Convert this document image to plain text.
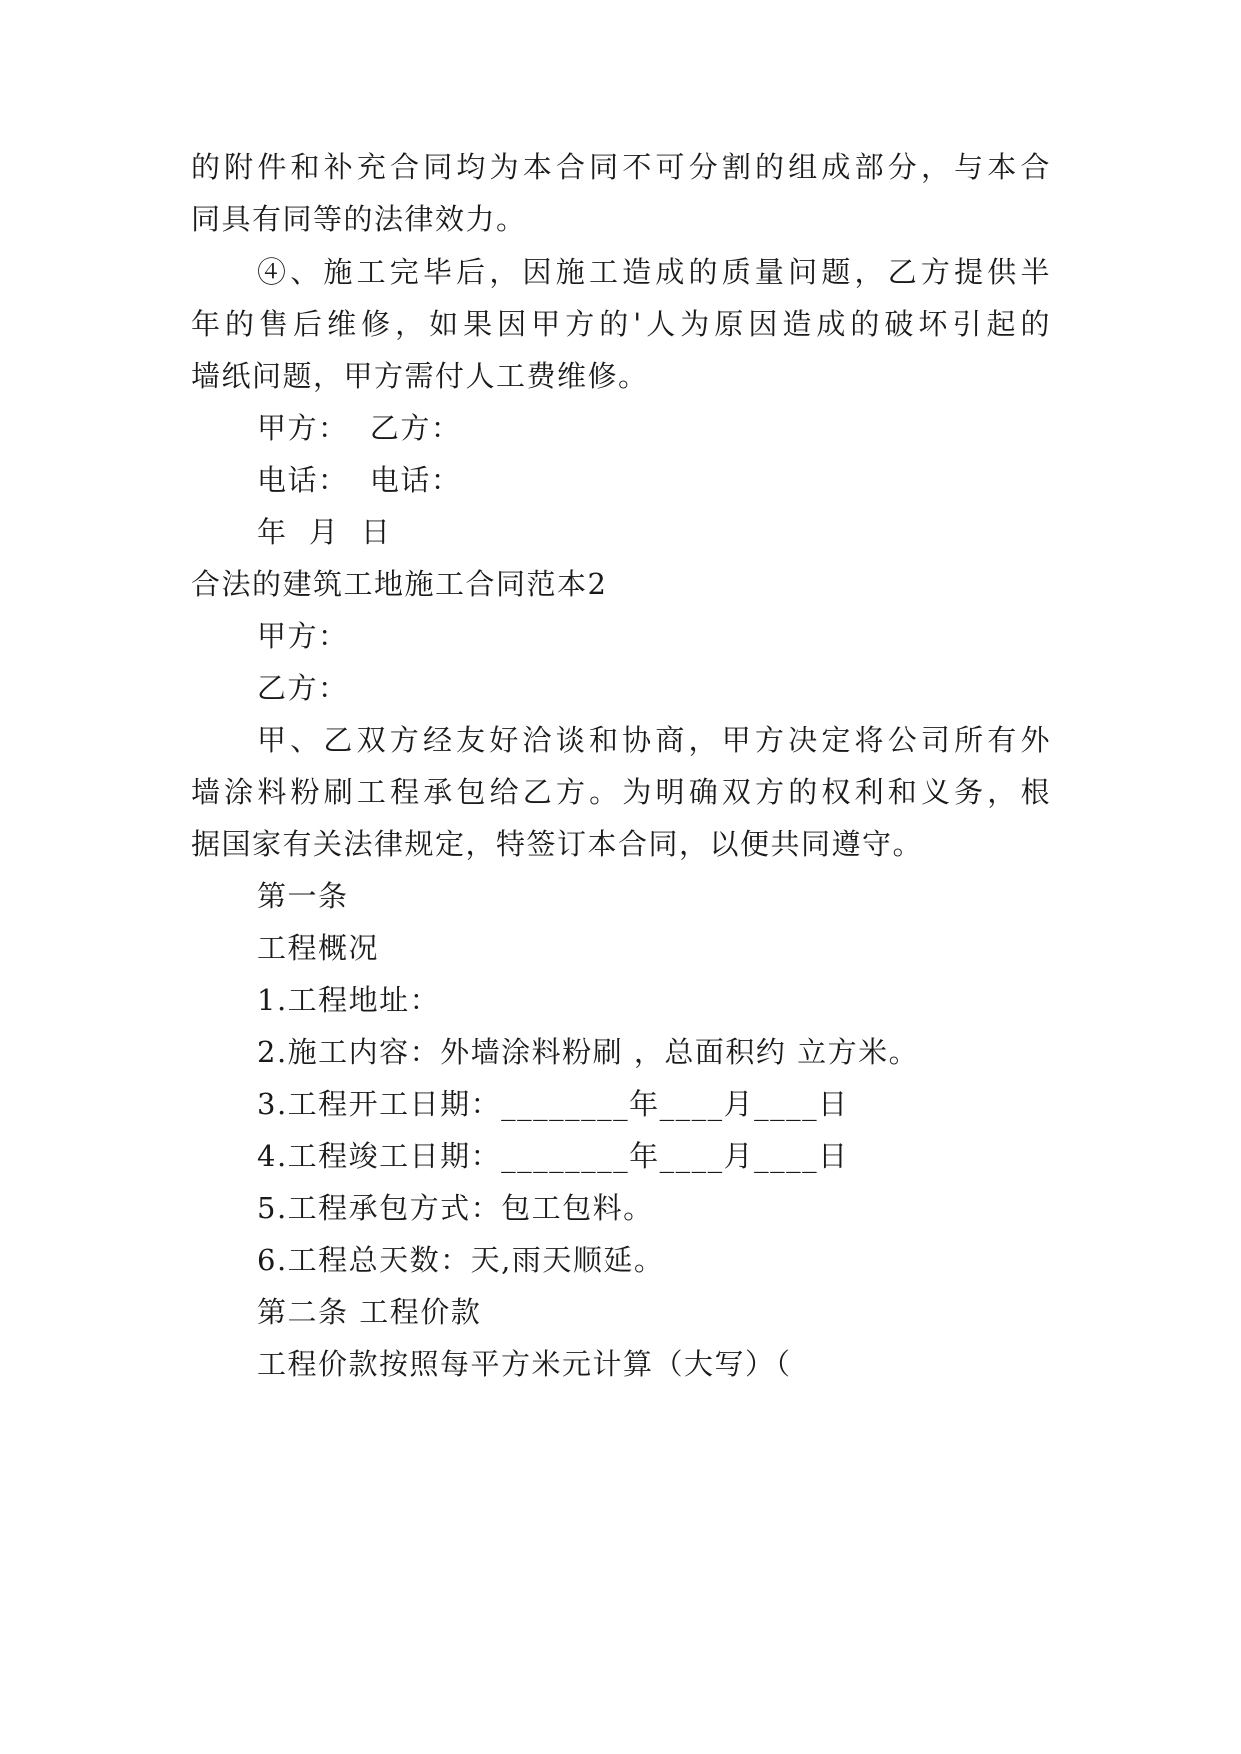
的附件和补充合同均为本合同不可分割的组成部分，与本合
同具有同等的法律效力。
④、施工完毕后，因施工造成的质量问题，乙方提供半
年的售后维修，如果因甲方的'人为原因造成的破坏引起的
墙纸问题，甲方需付人工费维修。
甲方：  乙方：
电话：  电话：
年  月  日
合法的建筑工地施工合同范本2
甲方：
乙方：
甲、乙双方经友好洽谈和协商，甲方决定将公司所有外
墙涂料粉刷工程承包给乙方。为明确双方的权利和义务，根
据国家有关法律规定，特签订本合同，以便共同遵守。
第一条
工程概况
1.工程地址：
2.施工内容：外墙涂料粉刷 ，总面积约 立方米。
3.工程开工日期：________年____月____日
4.工程竣工日期：________年____月____日
5.工程承包方式：包工包料。
6.工程总天数：天,雨天顺延。
第二条 工程价款
工程价款按照每平方米元计算（大写）（
